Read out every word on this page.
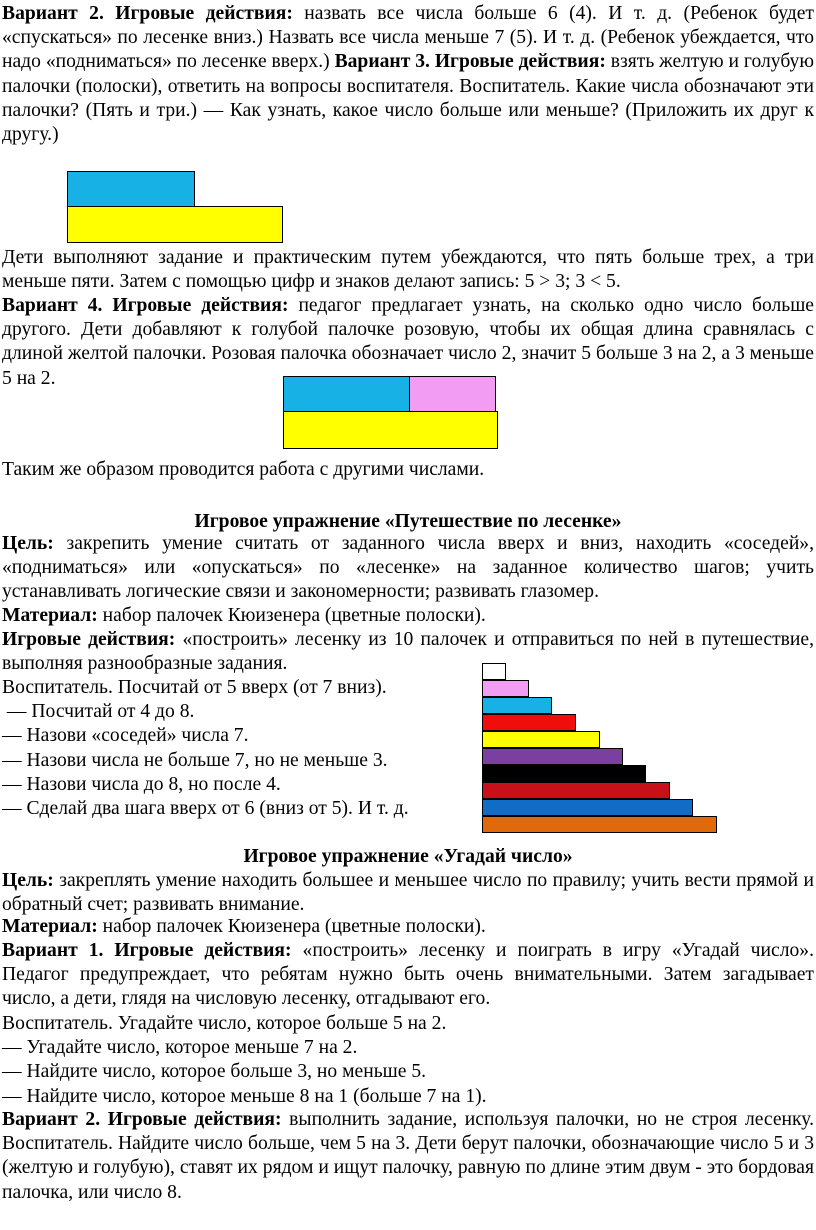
Вариант 2. Игровые действия: назвать все числа больше 6 (4). И т. д. (Ребенок будет «спускаться» по лесенке вниз.) Назвать все числа меньше 7 (5). И т. д. (Ребенок убеждается, что надо «подниматься» по лесенке вверх.) Вариант 3. Игровые действия: взять желтую и голубую палочки (полоски), ответить на вопросы воспитателя. Воспитатель. Какие числа обозначают эти палочки? (Пять и три.) — Как узнать, какое число больше или меньше? (Приложить их друг к другу.)

Дети выполняют задание и практическим путем убеждаются, что пять больше трех, а три меньше пяти. Затем с помощью цифр и знаков делают запись: 5 > 3; 3 < 5.

Вариант 4. Игровые действия: педагог предлагает узнать, на сколько одно число больше другого. Дети добавляют к голубой палочке розовую, чтобы их общая длина сравнялась с длиной желтой палочки. Розовая палочка обозначает число 2, значит 5 больше 3 на 2, а 3 меньше 5 на 2.

Таким же образом проводится работа с другими числами.

Игровое упражнение «Путешествие по лесенке»

Цель: закрепить умение считать от заданного числа вверх и вниз, находить «соседей», «подниматься» или «опускаться» по «лесенке» на заданное количество шагов; учить устанавливать логические связи и закономерности; развивать глазомер.

Материал: набор палочек Кюизенера (цветные полоски).

Игровые действия: «построить» лесенку из 10 палочек и отправиться по ней в путешествие, выполняя разнообразные задания.

Воспитатель. Посчитай от 5 вверх (от 7 вниз).
— Посчитай от 4 до 8.
— Назови «соседей» числа 7.
— Назови числа не больше 7, но не меньше 3.
— Назови числа до 8, но после 4.
— Сделай два шага вверх от 6 (вниз от 5). И т. д.

Игровое упражнение «Угадай число»

Цель: закреплять умение находить большее и меньшее число по правилу; учить вести прямой и обратный счет; развивать внимание.

Материал: набор палочек Кюизенера (цветные полоски).

Вариант 1. Игровые действия: «построить» лесенку и поиграть в игру «Угадай число». Педагог предупреждает, что ребятам нужно быть очень внимательными. Затем загадывает число, а дети, глядя на числовую лесенку, отгадывают его.

Воспитатель. Угадайте число, которое больше 5 на 2.
— Угадайте число, которое меньше 7 на 2.
— Найдите число, которое больше 3, но меньше 5.
— Найдите число, которое меньше 8 на 1 (больше 7 на 1).

Вариант 2. Игровые действия: выполнить задание, используя палочки, но не строя лесенку. Воспитатель. Найдите число больше, чем 5 на 3. Дети берут палочки, обозначающие число 5 и 3 (желтую и голубую), ставят их рядом и ищут палочку, равную по длине этим двум - это бордовая палочка, или число 8.
